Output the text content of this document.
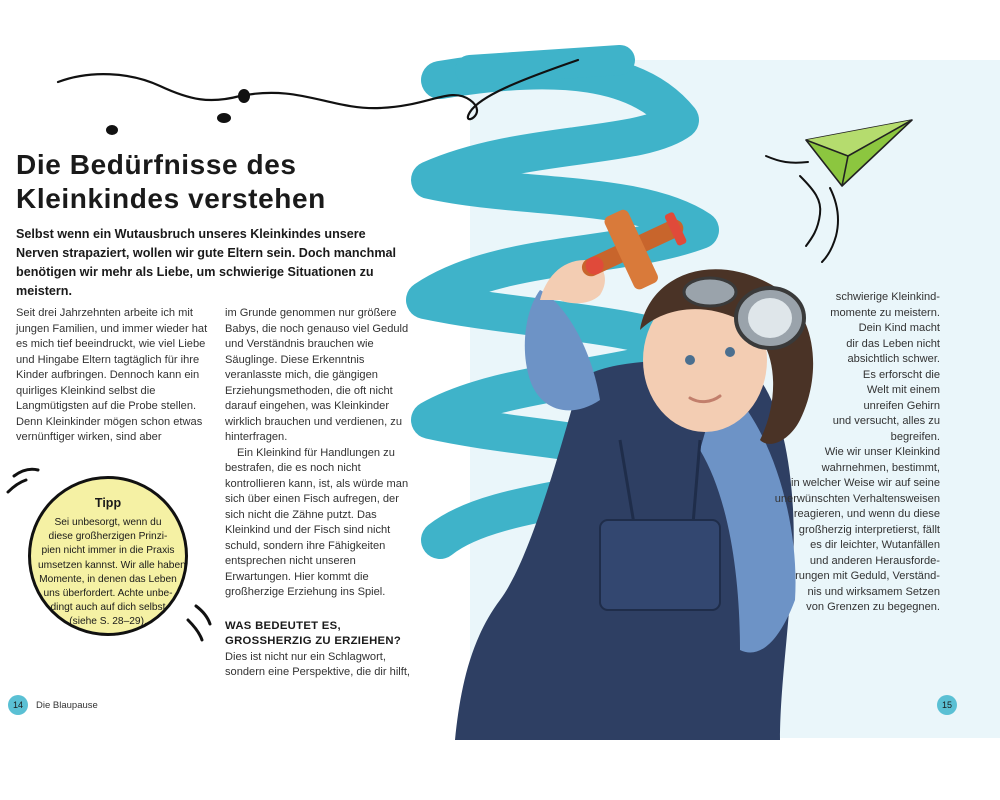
Die Bedürfnisse des
Kleinkindes verstehen

Selbst wenn ein Wutausbruch unseres Kleinkindes unsere Nerven strapaziert, wollen wir gute Eltern sein. Doch manchmal benötigen wir mehr als Liebe, um schwierige Situationen zu meistern.

Seit drei Jahrzehnten arbeite ich mit jungen Familien, und immer wieder hat es mich tief beeindruckt, wie viel Liebe und Hingabe Eltern tagtäglich für ihre Kinder aufbringen. Dennoch kann ein quirliges Kleinkind selbst die Langmütigsten auf die Probe stellen. Denn Kleinkinder mögen schon etwas vernünftiger wirken, sind aber

im Grunde genommen nur größere Babys, die noch genauso viel Geduld und Verständnis brauchen wie Säuglinge. Diese Erkenntnis veranlasste mich, die gängigen Erziehungsmethoden, die oft nicht darauf eingehen, was Kleinkinder wirklich brauchen und verdienen, zu hinterfragen.

Ein Kleinkind für Handlungen zu bestrafen, die es noch nicht kontrollieren kann, ist, als würde man sich über einen Fisch aufregen, der sich nicht die Zähne putzt. Das Kleinkind und der Fisch sind nicht schuld, sondern ihre Fähigkeiten entsprechen nicht unseren Erwartungen. Hier kommt die großherzige Erziehung ins Spiel.

WAS BEDEUTET ES,
GROSSHERZIG ZU ERZIEHEN?

Dies ist nicht nur ein Schlagwort, sondern eine Perspektive, die dir hilft,

schwierige Kleinkind-
momente zu meistern.
Dein Kind macht
dir das Leben nicht
absichtlich schwer.
Es erforscht die
Welt mit einem
unreifen Gehirn
und versucht, alles zu
begreifen.
Wie wir unser Kleinkind
wahrnehmen, bestimmt,
in welcher Weise wir auf seine
unerwünschten Verhaltensweisen
reagieren, und wenn du diese
großherzig interpretierst, fällt
es dir leichter, Wutanfällen
und anderen Herausforde-
rungen mit Geduld, Verständ-
nis und wirksamem Setzen
von Grenzen zu begegnen.
Tipp
Sei unbesorgt, wenn du
diese großherzigen Prinzi-
pien nicht immer in die Praxis
umsetzen kannst. Wir alle haben
Momente, in denen das Leben
uns überfordert. Achte unbe-
dingt auch auf dich selbst
(siehe S. 28–29).
14	Die Blaupause	15
